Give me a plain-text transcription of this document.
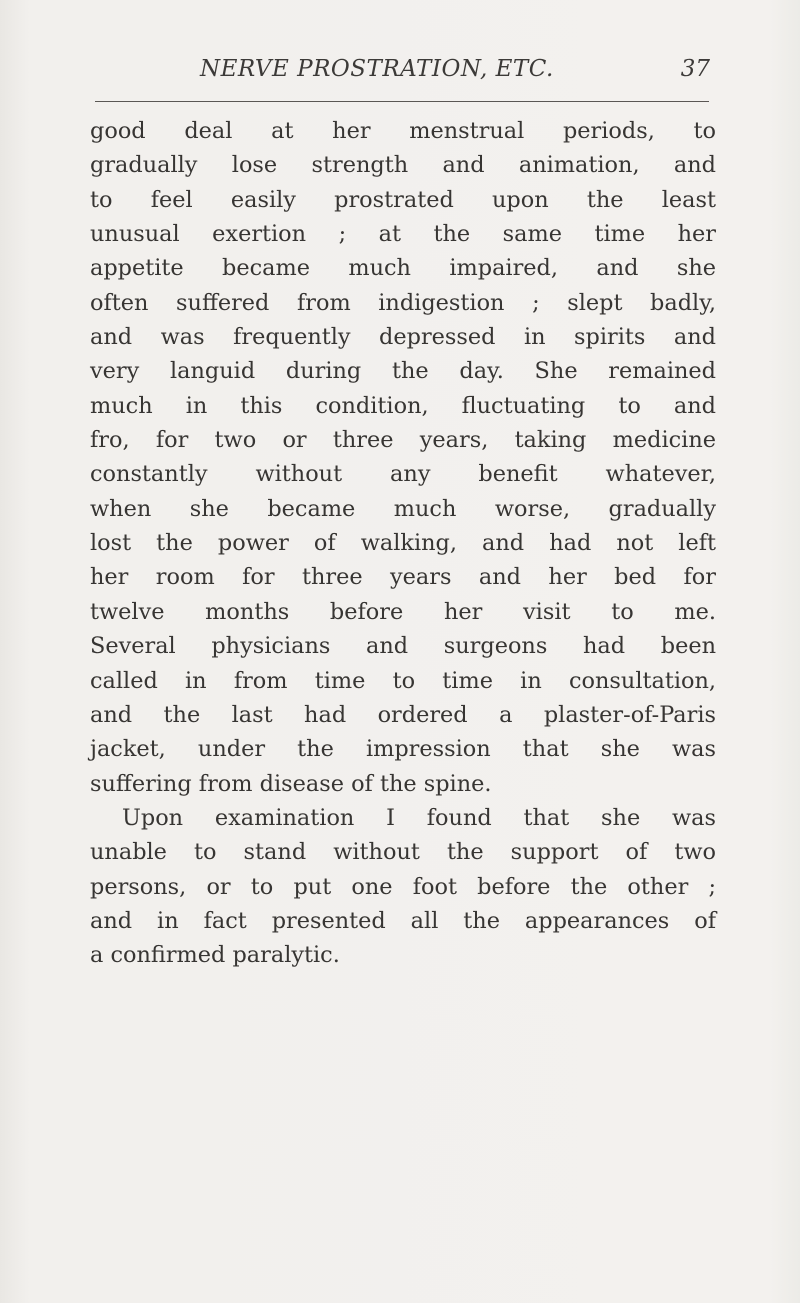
NERVE PROSTRATION, ETC.	37
good deal at her menstrual periods, to
gradually lose strength and animation, and
to feel easily prostrated upon the least
unusual exertion ; at the same time her
appetite became much impaired, and she
often suffered from indigestion ; slept badly,
and was frequently depressed in spirits and
very languid during the day. She remained
much in this condition, fluctuating to and
fro, for two or three years, taking medicine
constantly without any benefit whatever,
when she became much worse, gradually
lost the power of walking, and had not left
her room for three years and her bed for
twelve months before her visit to me.
Several physicians and surgeons had been
called in from time to time in consultation,
and the last had ordered a plaster-of-Paris
jacket, under the impression that she was
suffering from disease of the spine.
Upon examination I found that she was
unable to stand without the support of two
persons, or to put one foot before the other ;
and in fact presented all the appearances of
a confirmed paralytic.
